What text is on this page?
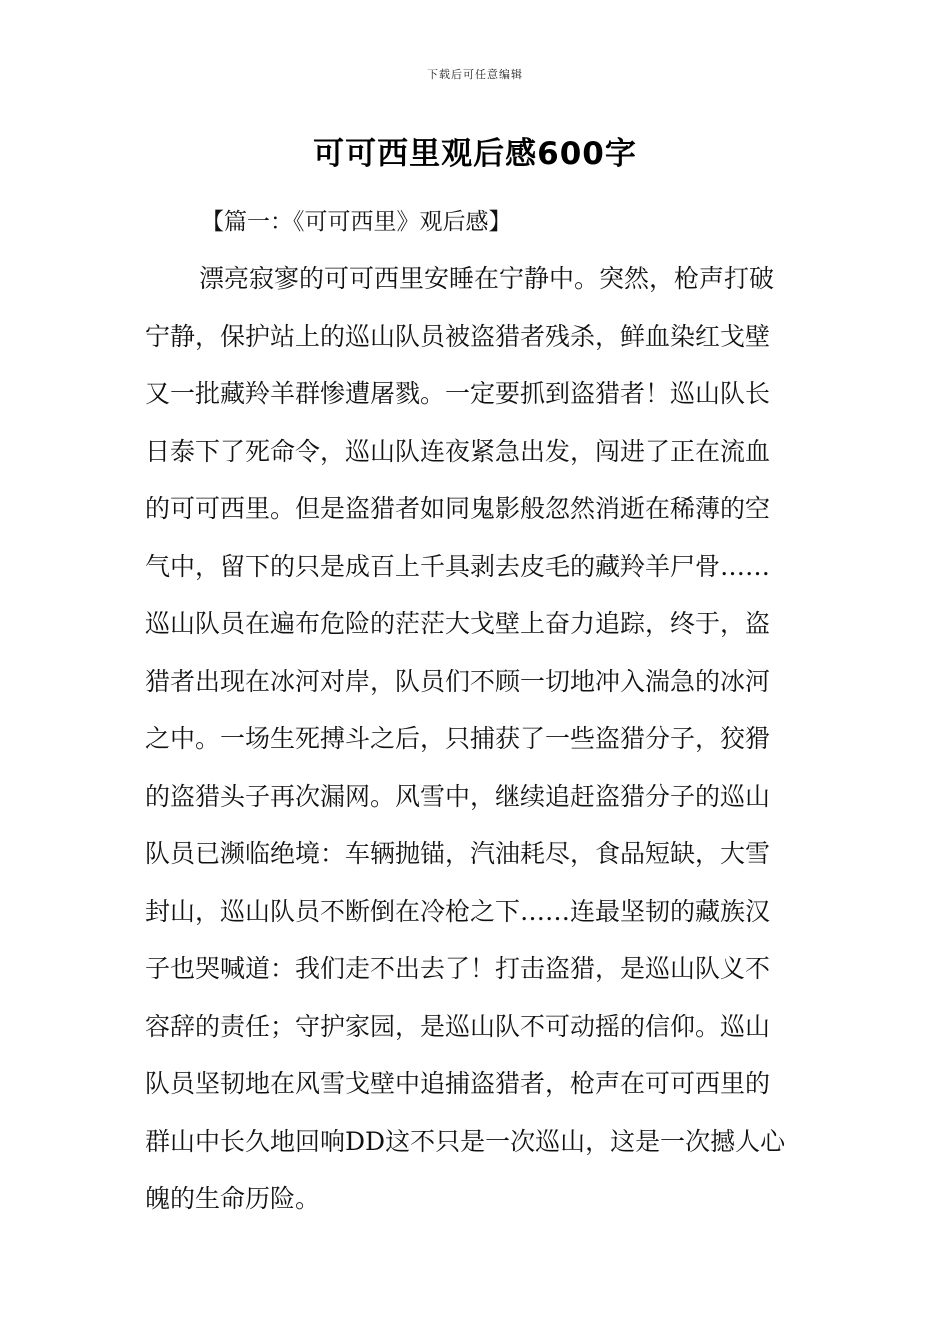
下载后可任意编辑
可可西里观后感600字
【篇一：《可可西里》观后感】
漂亮寂寥的可可西里安睡在宁静中。突然，枪声打破
宁静，保护站上的巡山队员被盗猎者残杀，鲜血染红戈壁
又一批藏羚羊群惨遭屠戮。一定要抓到盗猎者！巡山队长
日泰下了死命令，巡山队连夜紧急出发，闯进了正在流血
的可可西里。但是盗猎者如同鬼影般忽然消逝在稀薄的空
气中，留下的只是成百上千具剥去皮毛的藏羚羊尸骨……
巡山队员在遍布危险的茫茫大戈壁上奋力追踪，终于，盗
猎者出现在冰河对岸，队员们不顾一切地冲入湍急的冰河
之中。一场生死搏斗之后，只捕获了一些盗猎分子，狡猾
的盗猎头子再次漏网。风雪中，继续追赶盗猎分子的巡山
队员已濒临绝境：车辆抛锚，汽油耗尽，食品短缺，大雪
封山，巡山队员不断倒在冷枪之下……连最坚韧的藏族汉
子也哭喊道：我们走不出去了！打击盗猎，是巡山队义不
容辞的责任；守护家园，是巡山队不可动摇的信仰。巡山
队员坚韧地在风雪戈壁中追捕盗猎者，枪声在可可西里的
群山中长久地回响DD这不只是一次巡山，这是一次撼人心
魄的生命历险。
